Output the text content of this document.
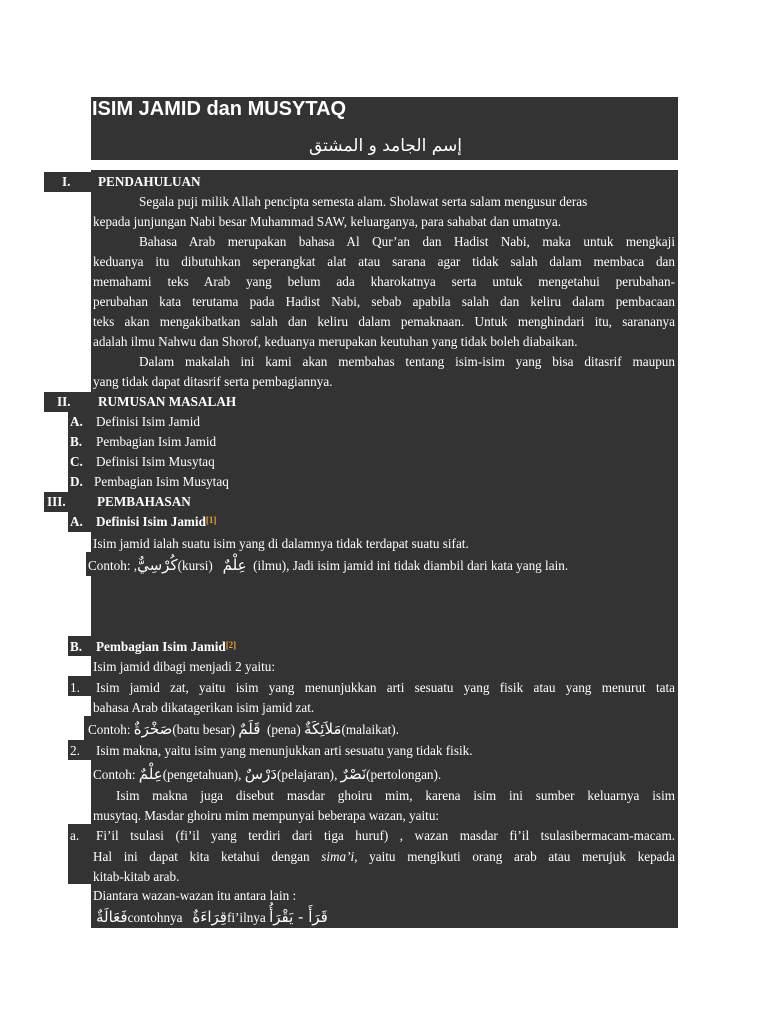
ISIM JAMID dan MUSYTAQ
إسم الجامد و المشتق
I. PENDAHULUAN
Segala puji milik Allah pencipta semesta alam. Sholawat serta salam mengusur deras
kepada junjungan Nabi besar Muhammad SAW, keluarganya, para sahabat dan umatnya.
Bahasa Arab merupakan bahasa Al Qur’an dan Hadist Nabi, maka untuk mengkaji
keduanya itu dibutuhkan seperangkat alat atau sarana agar tidak salah dalam membaca dan
memahami teks Arab yang belum ada kharokatnya serta untuk mengetahui perubahan-
perubahan kata terutama pada Hadist Nabi, sebab apabila salah dan keliru dalam pembacaan
teks akan mengakibatkan salah dan keliru dalam pemaknaan. Untuk menghindari itu, sarananya
adalah ilmu Nahwu dan Shorof, keduanya merupakan keutuhan yang tidak boleh diabaikan.
Dalam makalah ini kami akan membahas tentang isim-isim yang bisa ditasrif maupun
yang tidak dapat ditasrif serta pembagiannya.
II. RUMUSAN MASALAH
A. Definisi Isim Jamid
B. Pembagian Isim Jamid
C. Definisi Isim Musytaq
D. Pembagian Isim Musytaq
III. PEMBAHASAN
A. Definisi Isim Jamid[1]
Isim jamid ialah suatu isim yang di dalamnya tidak terdapat suatu sifat.
Contoh: ,كُرْسِيٌّ(kursi) عِلْمٌ (ilmu), Jadi isim jamid ini tidak diambil dari kata yang lain.
B. Pembagian Isim Jamid[2]
Isim jamid dibagi menjadi 2 yaitu:
1. Isim jamid zat, yaitu isim yang menunjukkan arti sesuatu yang fisik atau yang menurut tata
bahasa Arab dikatagerikan isim jamid zat.
Contoh: صَخْرَةٌ(batu besar) قَلَمٌ (pena) مَلاَئِكَةٌ(malaikat).
2. Isim makna, yaitu isim yang menunjukkan arti sesuatu yang tidak fisik.
Contoh: عِلْمٌ(pengetahuan), دَرْسٌ(pelajaran), نَصْرٌ(pertolongan).
Isim makna juga disebut masdar ghoiru mim, karena isim ini sumber keluarnya isim
musytaq. Masdar ghoiru mim mempunyai beberapa wazan, yaitu:
a. Fi’il tsulasi (fi’il yang terdiri dari tiga huruf) , wazan masdar fi’il tsulasibermacam-macam.
Hal ini dapat kita ketahui dengan sima’i, yaitu mengikuti orang arab atau merujuk kepada
kitab-kitab arab.
Diantara wazan-wazan itu antara lain :
فَعَالَةٌcontohnya قِرَاءَةٌfi’ilnya قَرَأَ - يَقْرَأُ
